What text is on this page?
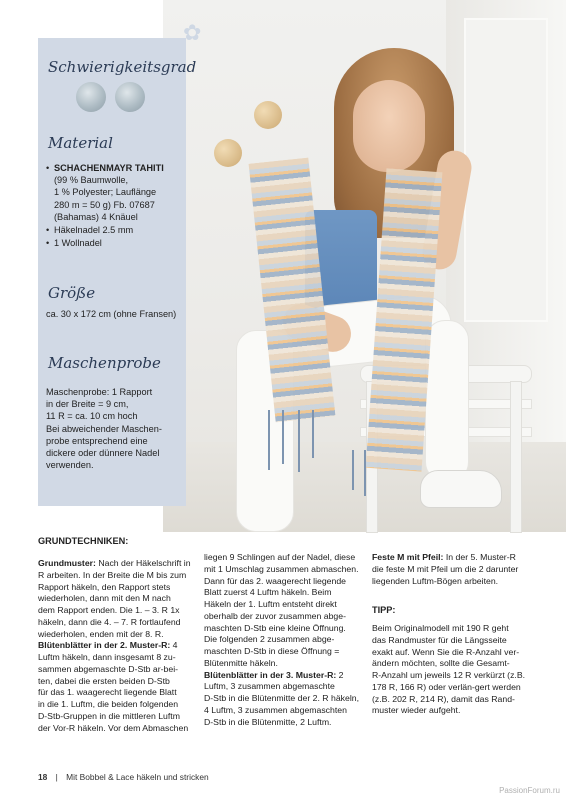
Schwierigkeitsgrad
Material
• SCHACHENMAYR TAHITI
(99 % Baumwolle,
1 % Polyester; Lauflänge
280 m = 50 g) Fb. 07687
(Bahamas) 4 Knäuel
• Häkelnadel 2.5 mm
• 1 Wollnadel
Größe
ca. 30 x 172 cm (ohne Fransen)
Maschenprobe
Maschenprobe: 1 Rapport
in der Breite = 9 cm,
11 R = ca. 10 cm hoch
Bei abweichender Maschen-
probe entsprechend eine
dickere oder dünnere Nadel
verwenden.
✿
GRUNDTECHNIKEN:
Grundmuster: Nach der Häkelschrift in
R arbeiten. In der Breite die M bis zum
Rapport häkeln, den Rapport stets
wiederholen, dann mit den M nach
dem Rapport enden. Die 1. – 3. R 1x
häkeln, dann die 4. – 7. R fortlaufend
wiederholen, enden mit der 8. R.
Blütenblätter in der 2. Muster-R: 4
Luftm häkeln, dann insgesamt 8 zu-
sammen abgemaschte D-Stb ar-bei-
ten, dabei die ersten beiden D-Stb
für das 1. waagerecht liegende Blatt
in die 1. Luftm, die beiden folgenden
D-Stb-Gruppen in die mittleren Luftm
der Vor-R häkeln. Vor dem Abmaschen
liegen 9 Schlingen auf der Nadel, diese
mit 1 Umschlag zusammen abmaschen.
Dann für das 2. waagerecht liegende
Blatt zuerst 4 Luftm häkeln. Beim
Häkeln der 1. Luftm entsteht direkt
oberhalb der zuvor zusammen abge-
maschten D-Stb eine kleine Öffnung.
Die folgenden 2 zusammen abge-
maschten D-Stb in diese Öffnung =
Blütenmitte häkeln.
Blütenblätter in der 3. Muster-R: 2
Luftm, 3 zusammen abgemaschte
D-Stb in die Blütenmitte der 2. R häkeln,
4 Luftm, 3 zusammen abgemaschten
D-Stb in die Blütenmitte, 2 Luftm.
Feste M mit Pfeil: In der 5. Muster-R
die feste M mit Pfeil um die 2 darunter
liegenden Luftm-Bögen arbeiten.
TIPP:
Beim Originalmodell mit 190 R geht
das Randmuster für die Längsseite
exakt auf. Wenn Sie die R-Anzahl ver-
ändern möchten, sollte die Gesamt-
R-Anzahl um jeweils 12 R verkürzt (z.B.
178 R, 166 R) oder verlän-gert werden
(z.B. 202 R, 214 R), damit das Rand-
muster wieder aufgeht.
18 | Mit Bobbel & Lace häkeln und stricken
PassionForum.ru
